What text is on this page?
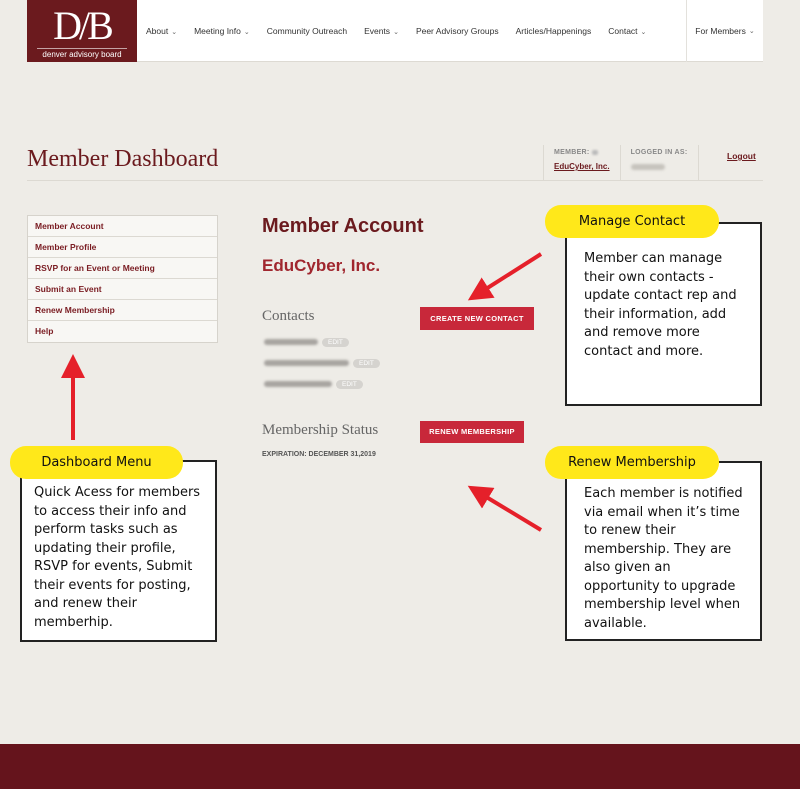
D/B
denver advisory board
About ⌄ Meeting Info ⌄ Community Outreach Events ⌄ Peer Advisory Groups Articles/Happenings Contact ⌄	For Members ⌄
Member Dashboard	MEMBER:
EduCyber, Inc.
LOGGED IN AS:	Logout
Member Account
Member Profile
RSVP for an Event or Meeting
Submit an Event
Renew Membership
Help
Member Account
EduCyber, Inc.
Contacts	CREATE NEW CONTACT
EDIT
EDIT
EDIT
Membership Status	RENEW MEMBERSHIP
EXPIRATION: DECEMBER 31,2019
Member can manage their own contacts - update contact rep and their information, add and remove more contact and more.
Manage Contact
Each member is notified via email when it’s time to renew their membership. They are also given an opportunity to upgrade membership level when available.
Renew Membership
Quick Acess for members to access their info and perform tasks such as updating their profile, RSVP for events, Submit their events for posting, and renew their memberhip.
Dashboard Menu
